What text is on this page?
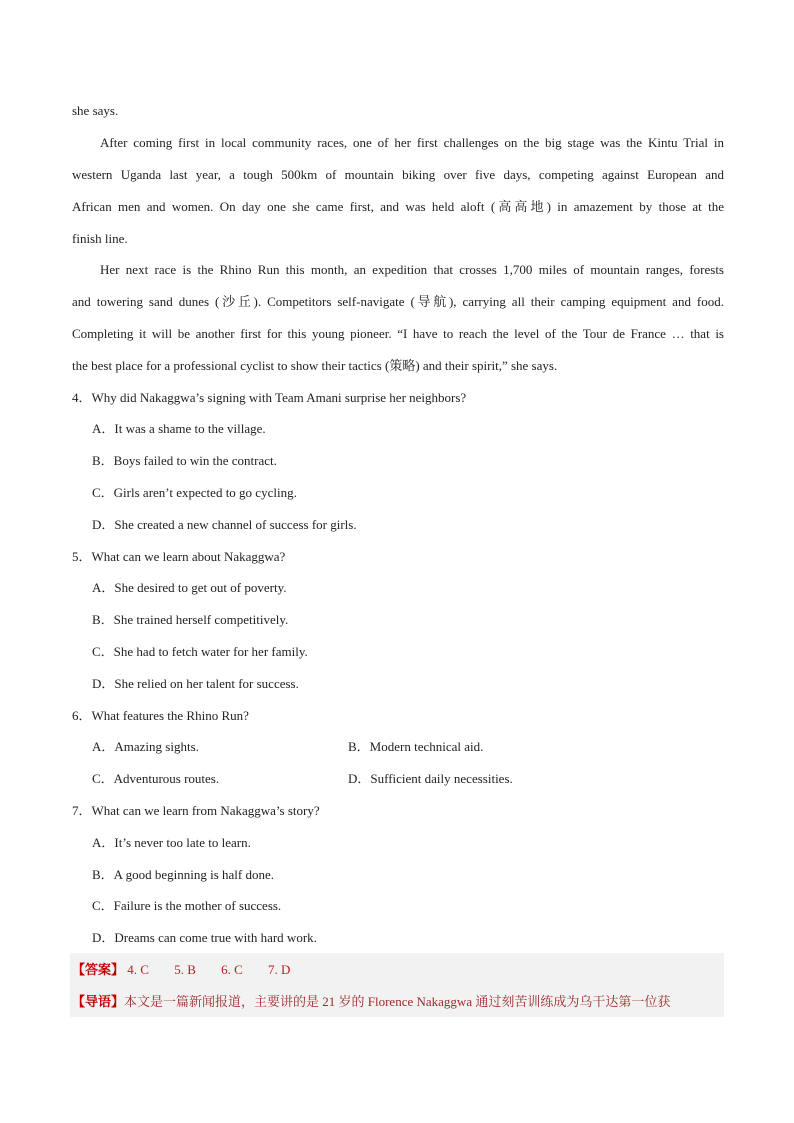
she says.
After coming first in local community races, one of her first challenges on the big stage was the Kintu Trial in
western Uganda last year, a tough 500km of mountain biking over five days, competing against European and
African men and women. On day one she came first, and was held aloft (高高地) in amazement by those at the
finish line.
Her next race is the Rhino Run this month, an expedition that crosses 1,700 miles of mountain ranges, forests
and towering sand dunes (沙丘). Competitors self-navigate (导航), carrying all their camping equipment and food.
Completing it will be another first for this young pioneer. “I have to reach the level of the Tour de France … that is
the best place for a professional cyclist to show their tactics (策略) and their spirit,” she says.
4．Why did Nakaggwa’s signing with Team Amani surprise her neighbors?
A．It was a shame to the village.
B．Boys failed to win the contract.
C．Girls aren’t expected to go cycling.
D．She created a new channel of success for girls.
5．What can we learn about Nakaggwa?
A．She desired to get out of poverty.
B．She trained herself competitively.
C．She had to fetch water for her family.
D．She relied on her talent for success.
6．What features the Rhino Run?
A．Amazing sights.	B．Modern technical aid.
C．Adventurous routes.	D．Sufficient daily necessities.
7．What can we learn from Nakaggwa’s story?
A．It’s never too late to learn.
B．A good beginning is half done.
C．Failure is the mother of success.
D．Dreams can come true with hard work.
【答案】 4. C 5. B 6. C 7. D
【导语】本文是一篇新闻报道，主要讲的是 21 岁的 Florence Nakaggwa 通过刻苦训练成为乌干达第一位获
